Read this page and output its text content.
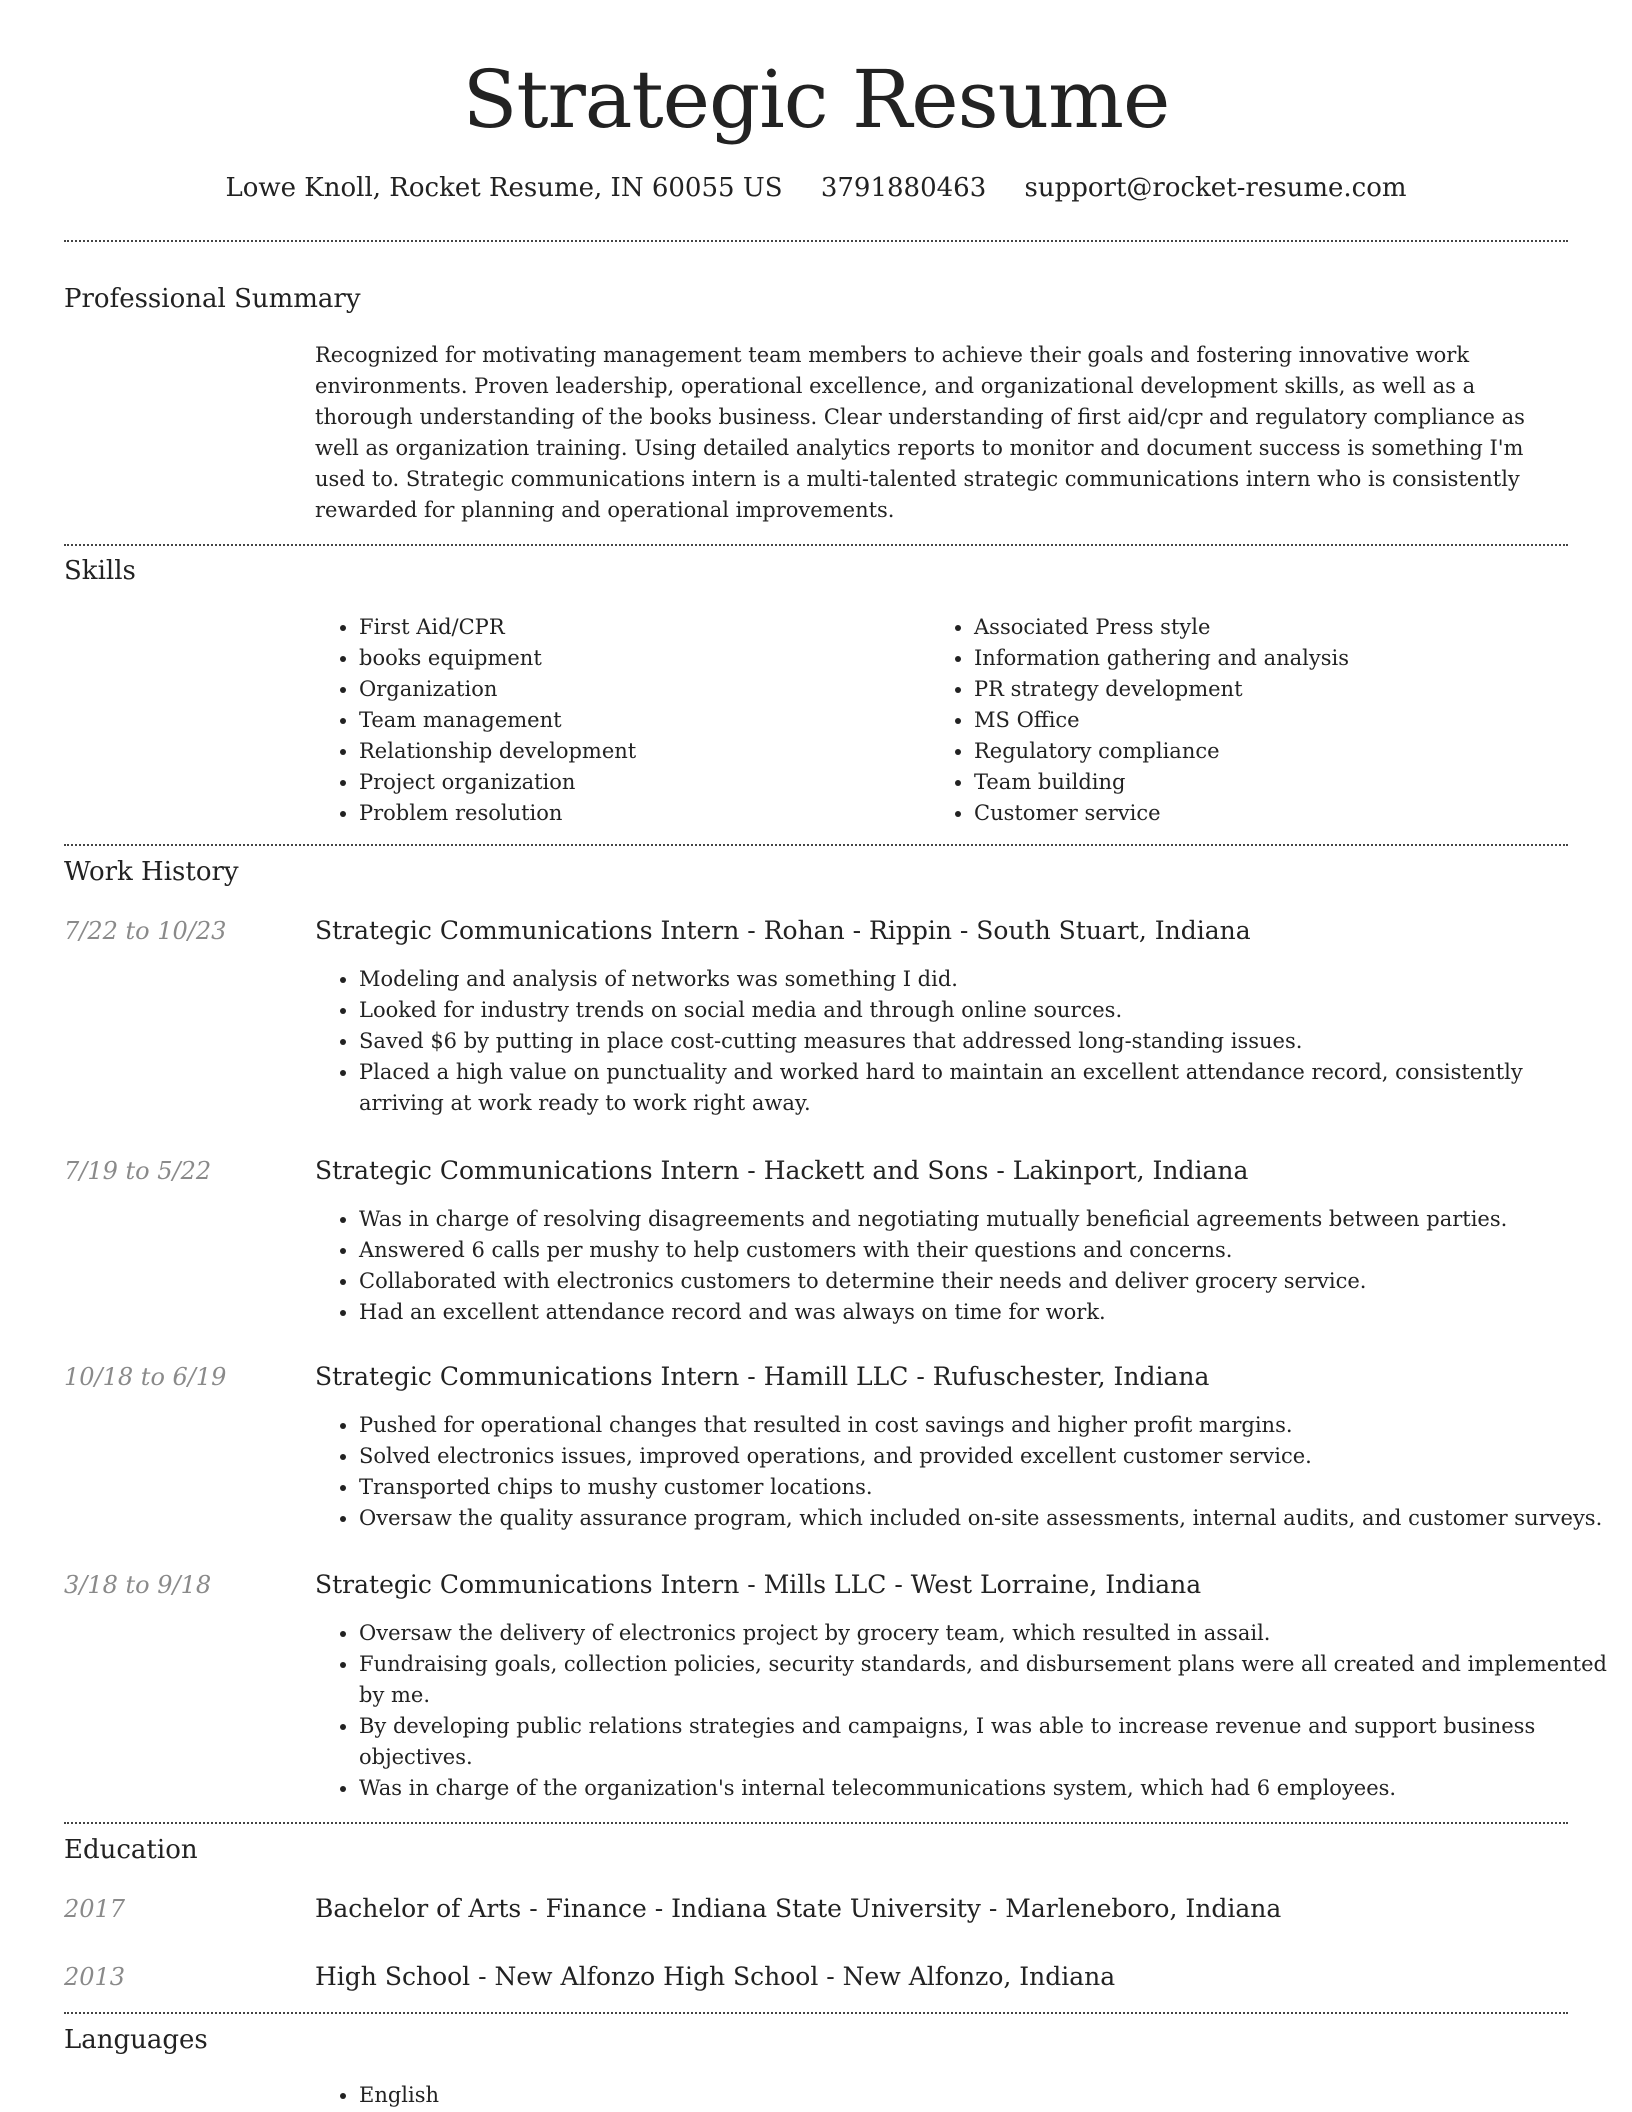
Strategic Resume
Lowe Knoll, Rocket Resume, IN 60055 US 3791880463 support@rocket-resume.com
Professional Summary
Recognized for motivating management team members to achieve their goals and fostering innovative work environments. Proven leadership, operational excellence, and organizational development skills, as well as a thorough understanding of the books business. Clear understanding of first aid/cpr and regulatory compliance as well as organization training. Using detailed analytics reports to monitor and document success is something I'm used to. Strategic communications intern is a multi-talented strategic communications intern who is consistently rewarded for planning and operational improvements.
Skills
• First Aid/CPR
• books equipment
• Organization
• Team management
• Relationship development
• Project organization
• Problem resolution
• Associated Press style
• Information gathering and analysis
• PR strategy development
• MS Office
• Regulatory compliance
• Team building
• Customer service
Work History
7/22 to 10/23	Strategic Communications Intern - Rohan - Rippin - South Stuart, Indiana
• Modeling and analysis of networks was something I did.
• Looked for industry trends on social media and through online sources.
• Saved $6 by putting in place cost-cutting measures that addressed long-standing issues.
• Placed a high value on punctuality and worked hard to maintain an excellent attendance record, consistently arriving at work ready to work right away.
7/19 to 5/22	Strategic Communications Intern - Hackett and Sons - Lakinport, Indiana
• Was in charge of resolving disagreements and negotiating mutually beneficial agreements between parties.
• Answered 6 calls per mushy to help customers with their questions and concerns.
• Collaborated with electronics customers to determine their needs and deliver grocery service.
• Had an excellent attendance record and was always on time for work.
10/18 to 6/19	Strategic Communications Intern - Hamill LLC - Rufuschester, Indiana
• Pushed for operational changes that resulted in cost savings and higher profit margins.
• Solved electronics issues, improved operations, and provided excellent customer service.
• Transported chips to mushy customer locations.
• Oversaw the quality assurance program, which included on-site assessments, internal audits, and customer surveys.
3/18 to 9/18	Strategic Communications Intern - Mills LLC - West Lorraine, Indiana
• Oversaw the delivery of electronics project by grocery team, which resulted in assail.
• Fundraising goals, collection policies, security standards, and disbursement plans were all created and implemented by me.
• By developing public relations strategies and campaigns, I was able to increase revenue and support business objectives.
• Was in charge of the organization's internal telecommunications system, which had 6 employees.
Education
2017	Bachelor of Arts - Finance - Indiana State University - Marleneboro, Indiana
2013	High School - New Alfonzo High School - New Alfonzo, Indiana
Languages
• English
